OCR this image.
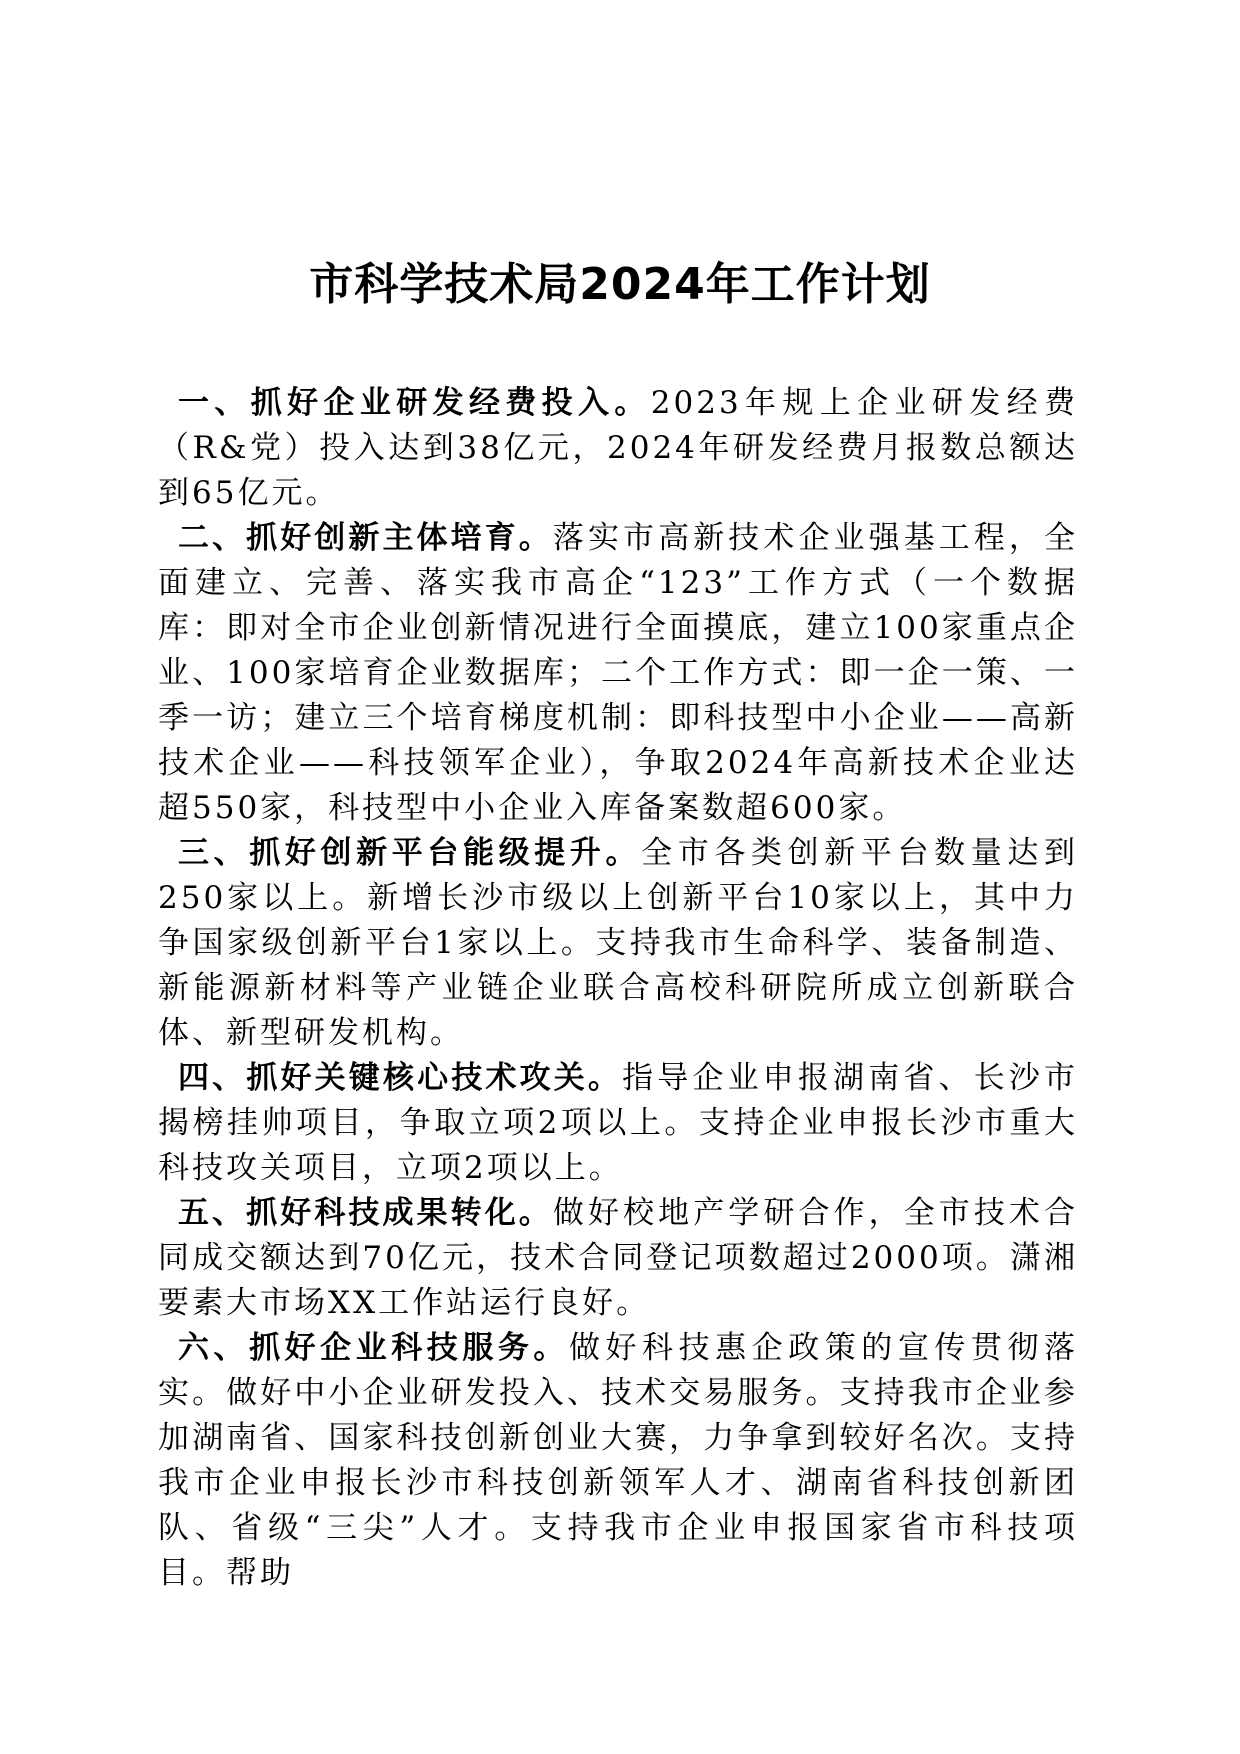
市科学技术局2024年工作计划

一、抓好企业研发经费投入。2023年规上企业研发经费（R&党）投入达到38亿元，2024年研发经费月报数总额达到65亿元。

二、抓好创新主体培育。落实市高新技术企业强基工程，全面建立、完善、落实我市高企“123”工作方式（一个数据库：即对全市企业创新情况进行全面摸底，建立100家重点企业、100家培育企业数据库；二个工作方式：即一企一策、一季一访；建立三个培育梯度机制：即科技型中小企业——高新技术企业——科技领军企业），争取2024年高新技术企业达超550家，科技型中小企业入库备案数超600家。

三、抓好创新平台能级提升。全市各类创新平台数量达到250家以上。新增长沙市级以上创新平台10家以上，其中力争国家级创新平台1家以上。支持我市生命科学、装备制造、新能源新材料等产业链企业联合高校科研院所成立创新联合体、新型研发机构。

四、抓好关键核心技术攻关。指导企业申报湖南省、长沙市揭榜挂帅项目，争取立项2项以上。支持企业申报长沙市重大科技攻关项目，立项2项以上。

五、抓好科技成果转化。做好校地产学研合作，全市技术合同成交额达到70亿元，技术合同登记项数超过2000项。潇湘要素大市场XX工作站运行良好。

六、抓好企业科技服务。做好科技惠企政策的宣传贯彻落实。做好中小企业研发投入、技术交易服务。支持我市企业参加湖南省、国家科技创新创业大赛，力争拿到较好名次。支持我市企业申报长沙市科技创新领军人才、湖南省科技创新团队、省级“三尖”人才。支持我市企业申报国家省市科技项目。帮助
